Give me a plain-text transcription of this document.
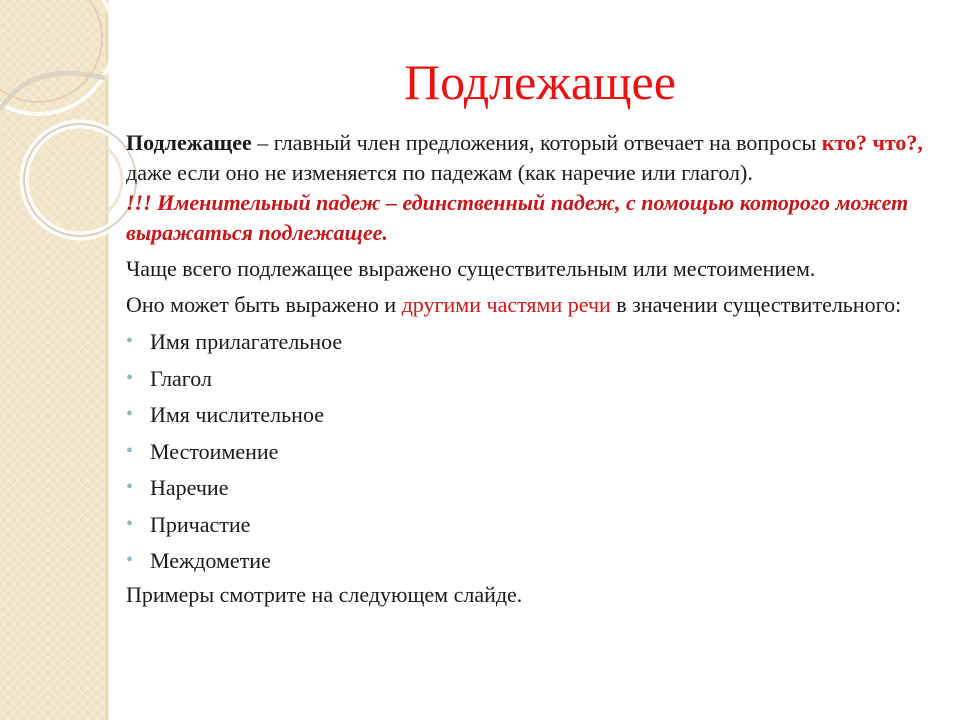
Подлежащее

Подлежащее – главный член предложения, который отвечает на вопросы кто? что?, даже если оно не изменяется по падежам (как наречие или глагол).

!!! Именительный падеж – единственный падеж, с помощью которого может выражаться подлежащее.

Чаще всего подлежащее выражено существительным или местоимением.

Оно может быть выражено и другими частями речи в значении существительного:

• Имя прилагательное
• Глагол
• Имя числительное
• Местоимение
• Наречие
• Причастие
• Междометие

Примеры смотрите на следующем слайде.
